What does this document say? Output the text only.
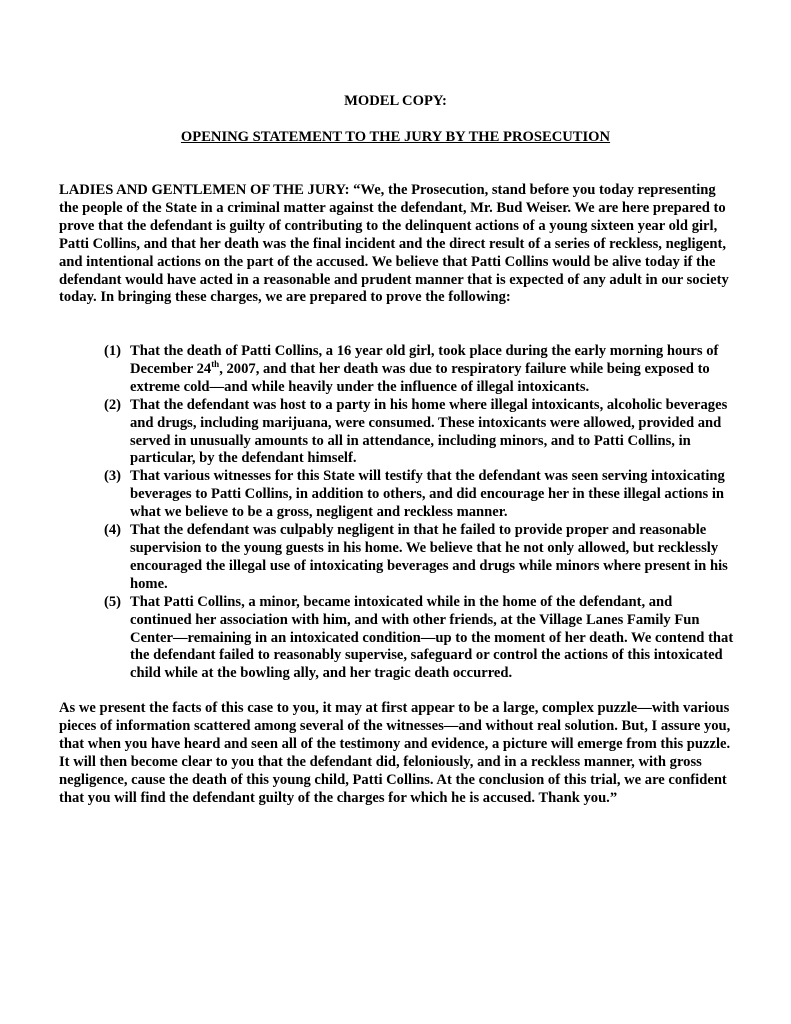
MODEL COPY:
OPENING STATEMENT TO THE JURY BY THE PROSECUTION

LADIES AND GENTLEMEN OF THE JURY: “We, the Prosecution, stand before you today representing the people of the State in a criminal matter against the defendant, Mr. Bud Weiser. We are here prepared to prove that the defendant is guilty of contributing to the delinquent actions of a young sixteen year old girl, Patti Collins, and that her death was the final incident and the direct result of a series of reckless, negligent, and intentional actions on the part of the accused. We believe that Patti Collins would be alive today if the defendant would have acted in a reasonable and prudent manner that is expected of any adult in our society today. In bringing these charges, we are prepared to prove the following:

(1) That the death of Patti Collins, a 16 year old girl, took place during the early morning hours of December 24th, 2007, and that her death was due to respiratory failure while being exposed to extreme cold—and while heavily under the influence of illegal intoxicants.
(2) That the defendant was host to a party in his home where illegal intoxicants, alcoholic beverages and drugs, including marijuana, were consumed. These intoxicants were allowed, provided and served in unusually amounts to all in attendance, including minors, and to Patti Collins, in particular, by the defendant himself.
(3) That various witnesses for this State will testify that the defendant was seen serving intoxicating beverages to Patti Collins, in addition to others, and did encourage her in these illegal actions in what we believe to be a gross, negligent and reckless manner.
(4) That the defendant was culpably negligent in that he failed to provide proper and reasonable supervision to the young guests in his home. We believe that he not only allowed, but recklessly encouraged the illegal use of intoxicating beverages and drugs while minors where present in his home.
(5) That Patti Collins, a minor, became intoxicated while in the home of the defendant, and continued her association with him, and with other friends, at the Village Lanes Family Fun Center—remaining in an intoxicated condition—up to the moment of her death. We contend that the defendant failed to reasonably supervise, safeguard or control the actions of this intoxicated child while at the bowling ally, and her tragic death occurred.

As we present the facts of this case to you, it may at first appear to be a large, complex puzzle—with various pieces of information scattered among several of the witnesses—and without real solution. But, I assure you, that when you have heard and seen all of the testimony and evidence, a picture will emerge from this puzzle. It will then become clear to you that the defendant did, feloniously, and in a reckless manner, with gross negligence, cause the death of this young child, Patti Collins. At the conclusion of this trial, we are confident that you will find the defendant guilty of the charges for which he is accused. Thank you.”
